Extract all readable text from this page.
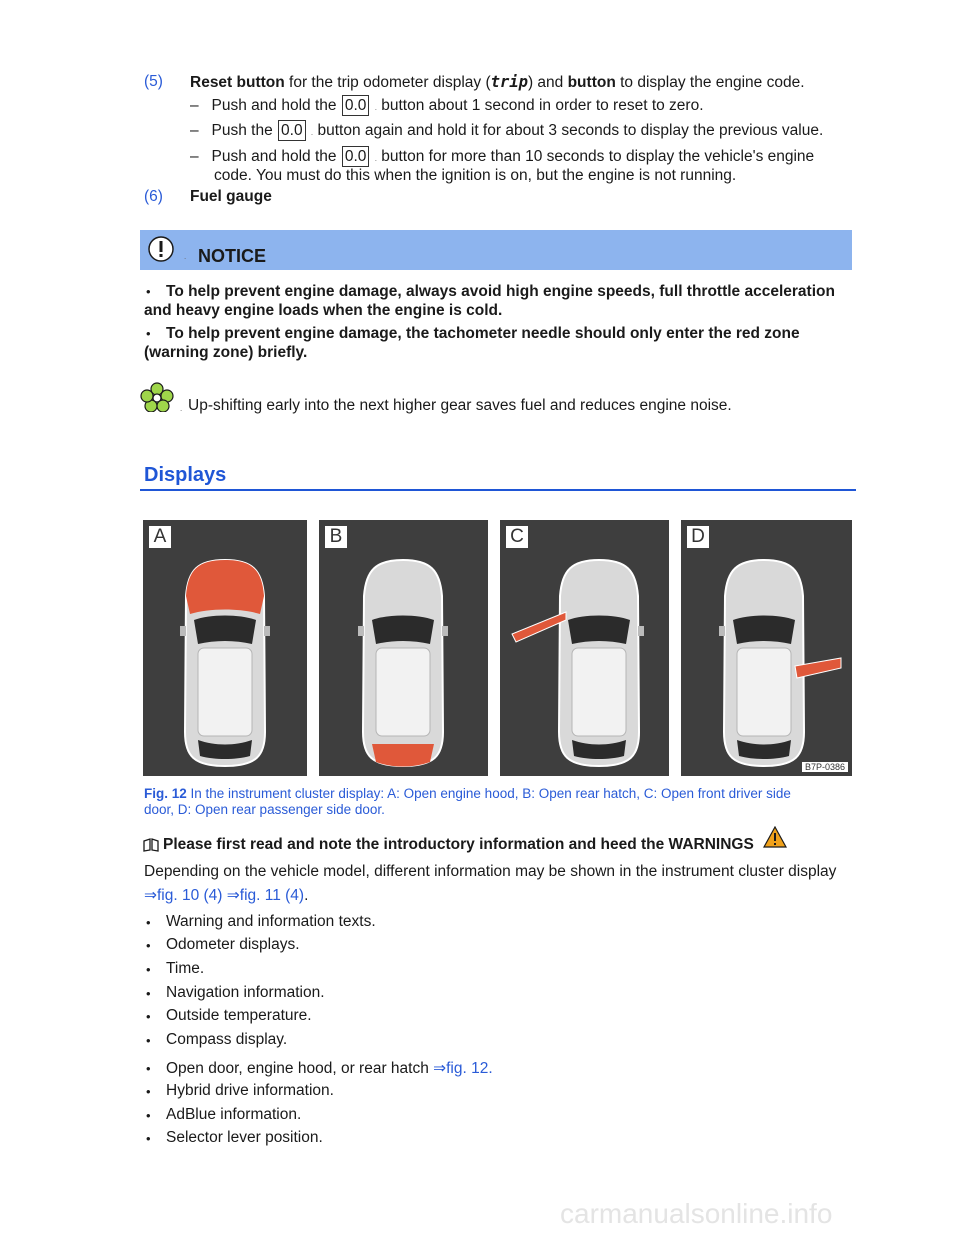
(5) Reset button for the trip odometer display (trip) and button to display the engine code.
– Push and hold the 0.0 . button about 1 second in order to reset to zero.
– Push the 0.0 . button again and hold it for about 3 seconds to display the previous value.
– Push and hold the 0.0 . button for more than 10 seconds to display the vehicle's engine
code. You must do this when the ignition is on, but the engine is not running.
(6) Fuel gauge
. NOTICE
• To help prevent engine damage, always avoid high engine speeds, full throttle acceleration
and heavy engine loads when the engine is cold.
• To help prevent engine damage, the tachometer needle should only enter the red zone
(warning zone) briefly.
. Up-shifting early into the next higher gear saves fuel and reduces engine noise.
Displays
A	B	C	D
B7P-0386
Fig. 12 In the instrument cluster display: A: Open engine hood, B: Open rear hatch, C: Open front driver side
door, D: Open rear passenger side door.
Please first read and note the introductory information and heed the WARNINGS
Depending on the vehicle model, different information may be shown in the instrument cluster display
⇒fig. 10 (4) ⇒fig. 11 (4).
• Warning and information texts.
• Odometer displays.
• Time.
• Navigation information.
• Outside temperature.
• Compass display.
• Open door, engine hood, or rear hatch ⇒fig. 12.
• Hybrid drive information.
• AdBlue information.
• Selector lever position.
carmanualsonline.info
